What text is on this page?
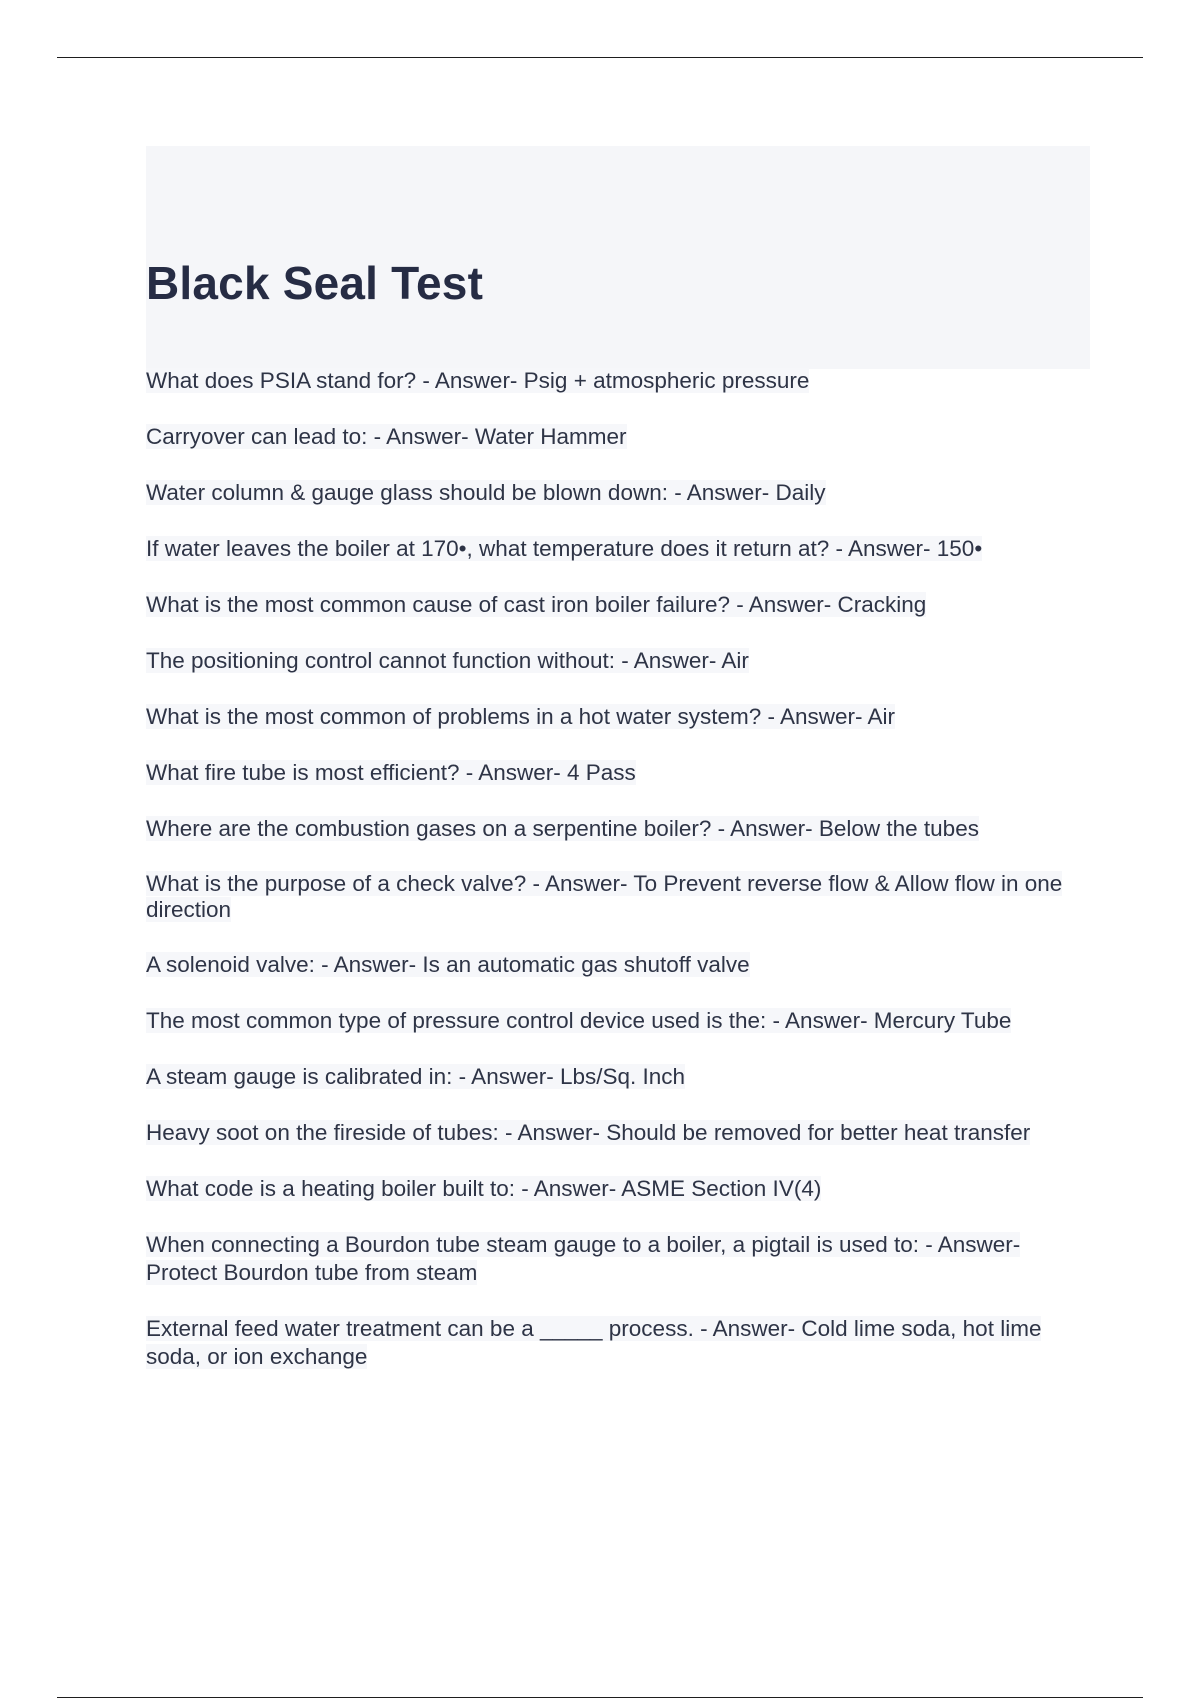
Black Seal Test
What does PSIA stand for? - Answer- Psig + atmospheric pressure
Carryover can lead to: - Answer- Water Hammer
Water column & gauge glass should be blown down: - Answer- Daily
If water leaves the boiler at 170•, what temperature does it return at? - Answer- 150•
What is the most common cause of cast iron boiler failure? - Answer- Cracking
The positioning control cannot function without: - Answer- Air
What is the most common of problems in a hot water system? - Answer- Air
What fire tube is most efficient? - Answer- 4 Pass
Where are the combustion gases on a serpentine boiler? - Answer- Below the tubes
What is the purpose of a check valve? - Answer- To Prevent reverse flow & Allow flow in one direction
A solenoid valve: - Answer- Is an automatic gas shutoff valve
The most common type of pressure control device used is the: - Answer- Mercury Tube
A steam gauge is calibrated in: - Answer- Lbs/Sq. Inch
Heavy soot on the fireside of tubes: - Answer- Should be removed for better heat transfer
What code is a heating boiler built to: - Answer- ASME Section IV(4)
When connecting a Bourdon tube steam gauge to a boiler, a pigtail is used to: - Answer- Protect Bourdon tube from steam
External feed water treatment can be a _____ process. - Answer- Cold lime soda, hot lime soda, or ion exchange
